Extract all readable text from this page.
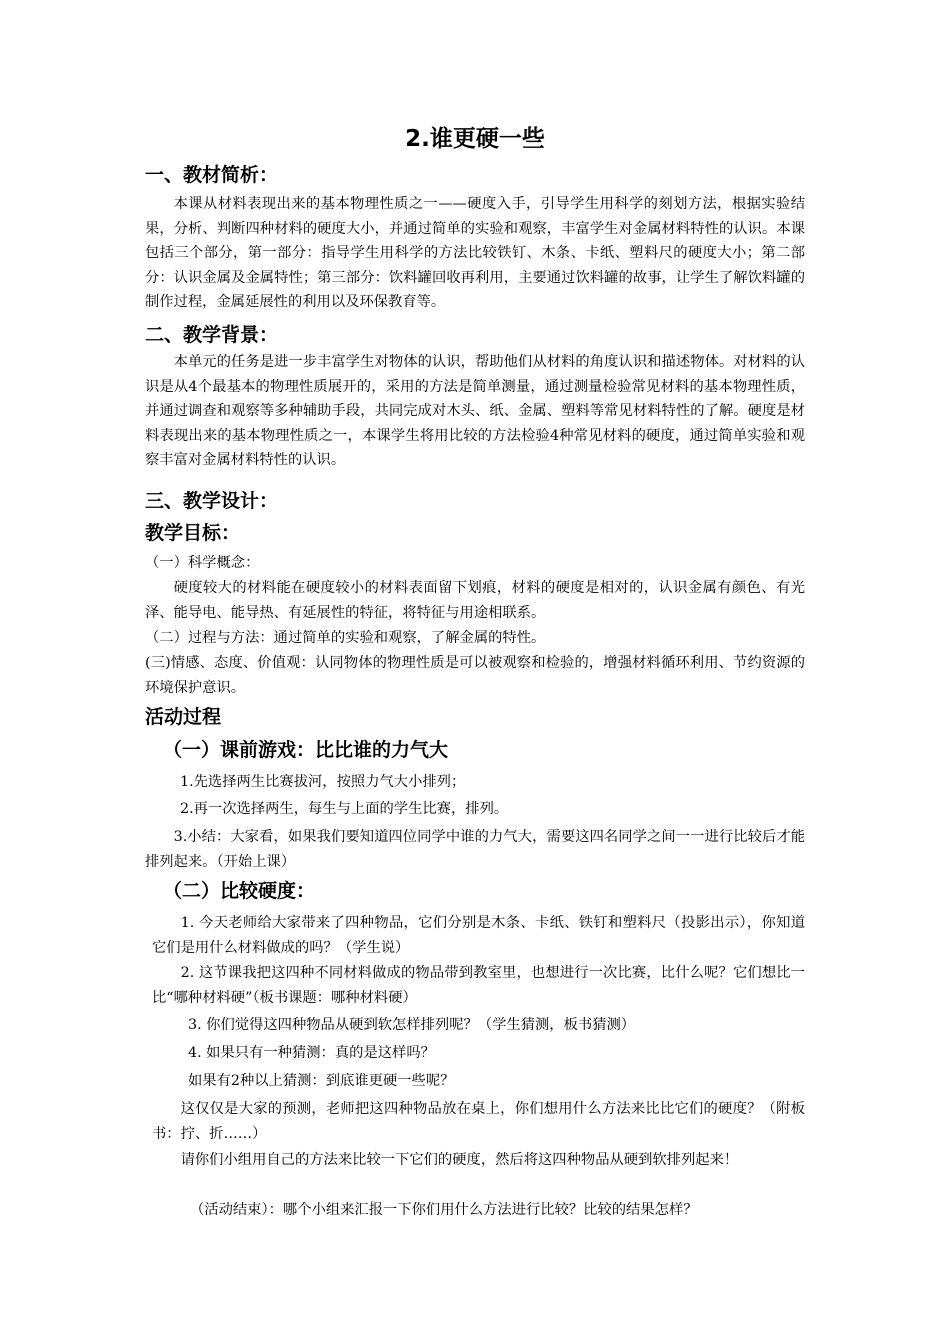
2.谁更硬一些
一、教材简析：

本课从材料表现出来的基本物理性质之一——硬度入手，引导学生用科学的刻划方法，根据实验结果，分析、判断四种材料的硬度大小，并通过简单的实验和观察，丰富学生对金属材料特性的认识。本课包括三个部分，第一部分：指导学生用科学的方法比较铁钉、木条、卡纸、塑料尺的硬度大小；第二部分：认识金属及金属特性；第三部分：饮料罐回收再利用，主要通过饮料罐的故事，让学生了解饮料罐的制作过程，金属延展性的利用以及环保教育等。

二、教学背景：

本单元的任务是进一步丰富学生对物体的认识，帮助他们从材料的角度认识和描述物体。对材料的认识是从4个最基本的物理性质展开的，采用的方法是简单测量，通过测量检验常见材料的基本物理性质，并通过调查和观察等多种辅助手段，共同完成对木头、纸、金属、塑料等常见材料特性的了解。硬度是材料表现出来的基本物理性质之一，本课学生将用比较的方法检验4种常见材料的硬度，通过简单实验和观察丰富对金属材料特性的认识。

三、教学设计：
教学目标：

（一）科学概念：

硬度较大的材料能在硬度较小的材料表面留下划痕，材料的硬度是相对的，认识金属有颜色、有光泽、能导电、能导热、有延展性的特征，将特征与用途相联系。

（二）过程与方法：通过简单的实验和观察，了解金属的特性。

(三)情感、态度、价值观：认同物体的物理性质是可以被观察和检验的，增强材料循环利用、节约资源的环境保护意识。

活动过程
（一）课前游戏：比比谁的力气大

1.先选择两生比赛拔河，按照力气大小排列；

2.再一次选择两生，每生与上面的学生比赛，排列。

3.小结：大家看，如果我们要知道四位同学中谁的力气大，需要这四名同学之间一一进行比较后才能排列起来。（开始上课）

（二）比较硬度：

1. 今天老师给大家带来了四种物品，它们分别是木条、卡纸、铁钉和塑料尺（投影出示），你知道它们是用什么材料做成的吗？（学生说）

2. 这节课我把这四种不同材料做成的物品带到教室里，也想进行一次比赛，比什么呢？它们想比一比“哪种材料硬”（板书课题：哪种材料硬）

3. 你们觉得这四种物品从硬到软怎样排列呢？（学生猜测，板书猜测）

4. 如果只有一种猜测：真的是这样吗？

如果有2种以上猜测：到底谁更硬一些呢？

这仅仅是大家的预测，老师把这四种物品放在桌上，你们想用什么方法来比比它们的硬度？（附板书：拧、折……）

请你们小组用自己的方法来比较一下它们的硬度，然后将这四种物品从硬到软排列起来！

（活动结束）：哪个小组来汇报一下你们用什么方法进行比较？比较的结果怎样？
